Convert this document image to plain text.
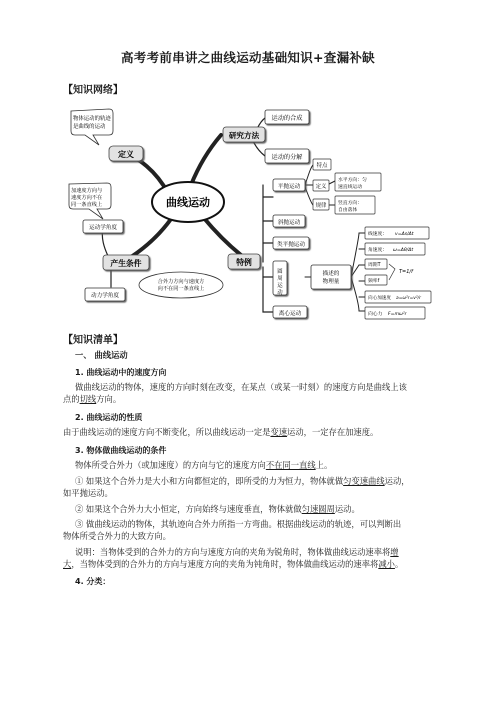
高考考前串讲之曲线运动基础知识+查漏补缺
【知识网络】
曲线运动
定义
物体运动的轨迹
是曲线的运动
研究方法
运动的合成
运动的分解
产生条件
加速度方向与
速度方向不在
同一条直线上
运动学角度
动力学角度
合外力方向与速度方
向不在同一条直线上
特例
平抛运动
斜抛运动
类平抛运动
圆
周
运
动
圆周运动
离心运动
特点
定义
规律
水平方向：匀
速直线运动
竖直方向：
自由落体
描述的
物理量
线速度： v=Δs/Δt
角速度： ω=Δθ/Δt
周期T
频率f
T=1/f
向心加速度 a=ω²r=v²/r
向心力 F=mω²r
【知识清单】

一、 曲线运动

1. 曲线运动中的速度方向

做曲线运动的物体，速度的方向时刻在改变，在某点（或某一时刻）的速度方向是曲线上该

点的切线方向。

2. 曲线运动的性质

由于曲线运动的速度方向不断变化，所以曲线运动一定是变速运动，一定存在加速度。

3. 物体做曲线运动的条件

物体所受合外力（或加速度）的方向与它的速度方向不在同一直线上。

① 如果这个合外力是大小和方向都恒定的，即所受的力为恒力，物体就做匀变速曲线运动，

如平抛运动。

② 如果这个合外力大小恒定，方向始终与速度垂直，物体就做匀速圆周运动。

③ 做曲线运动的物体，其轨迹向合外力所指一方弯曲。根据曲线运动的轨迹，可以判断出

物体所受合外力的大致方向。

说明：当物体受到的合外力的方向与速度方向的夹角为锐角时，物体做曲线运动速率将增

大，当物体受到的合外力的方向与速度方向的夹角为钝角时，物体做曲线运动的速率将减小。

4. 分类：
